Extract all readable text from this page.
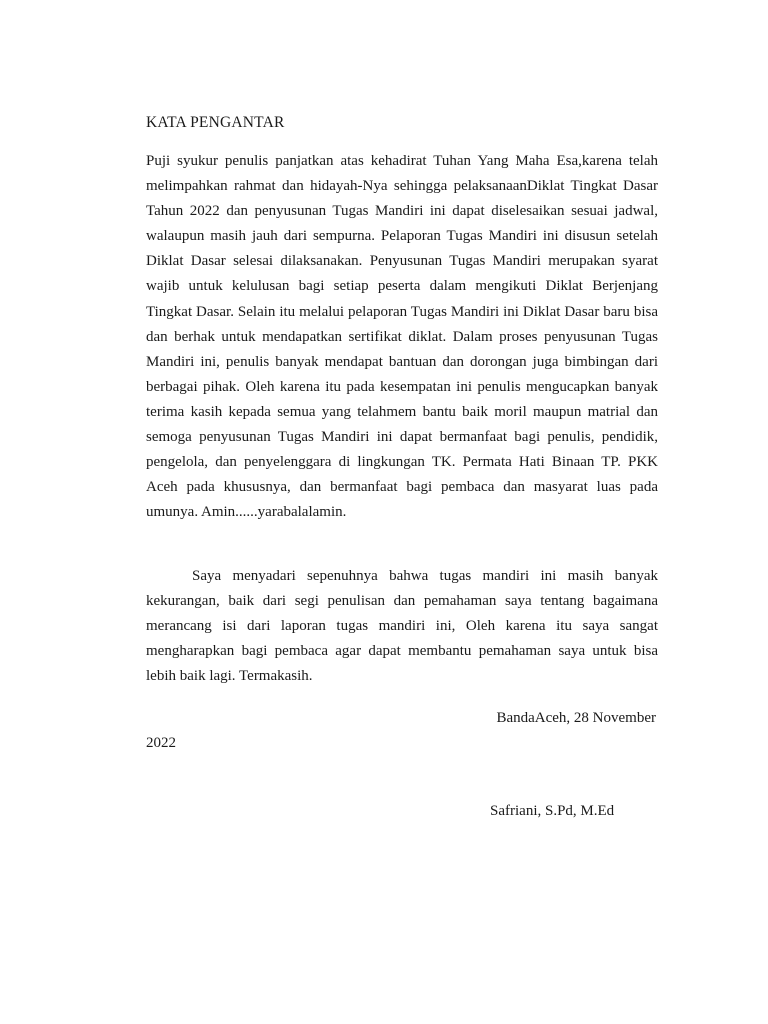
KATA PENGANTAR

Puji syukur penulis panjatkan atas kehadirat Tuhan Yang Maha Esa,karena telah melimpahkan rahmat dan hidayah-Nya sehingga pelaksanaanDiklat Tingkat Dasar Tahun 2022 dan penyusunan Tugas Mandiri ini dapat diselesaikan sesuai jadwal, walaupun masih jauh dari sempurna. Pelaporan Tugas Mandiri ini disusun setelah Diklat Dasar selesai dilaksanakan. Penyusunan Tugas Mandiri merupakan syarat wajib untuk kelulusan bagi setiap peserta dalam mengikuti Diklat Berjenjang Tingkat Dasar. Selain itu melalui pelaporan Tugas Mandiri ini Diklat Dasar baru bisa dan berhak untuk mendapatkan sertifikat diklat. Dalam proses penyusunan Tugas Mandiri ini, penulis banyak mendapat bantuan dan dorongan juga bimbingan dari berbagai pihak. Oleh karena itu pada kesempatan ini penulis mengucapkan banyak terima kasih kepada semua yang telahmem bantu baik moril maupun matrial dan semoga penyusunan Tugas Mandiri ini dapat bermanfaat bagi penulis, pendidik, pengelola, dan penyelenggara di lingkungan TK. Permata Hati Binaan TP. PKK Aceh pada khususnya, dan bermanfaat bagi pembaca dan masyarat luas pada umunya. Amin......yarabalalamin.

Saya menyadari sepenuhnya bahwa tugas mandiri ini masih banyak kekurangan, baik dari segi penulisan dan pemahaman saya tentang bagaimana merancang isi dari laporan tugas mandiri ini, Oleh karena itu saya sangat mengharapkan bagi pembaca agar dapat membantu pemahaman saya untuk bisa lebih baik lagi. Termakasih.

BandaAceh, 28 November
2022

Safriani, S.Pd, M.Ed
